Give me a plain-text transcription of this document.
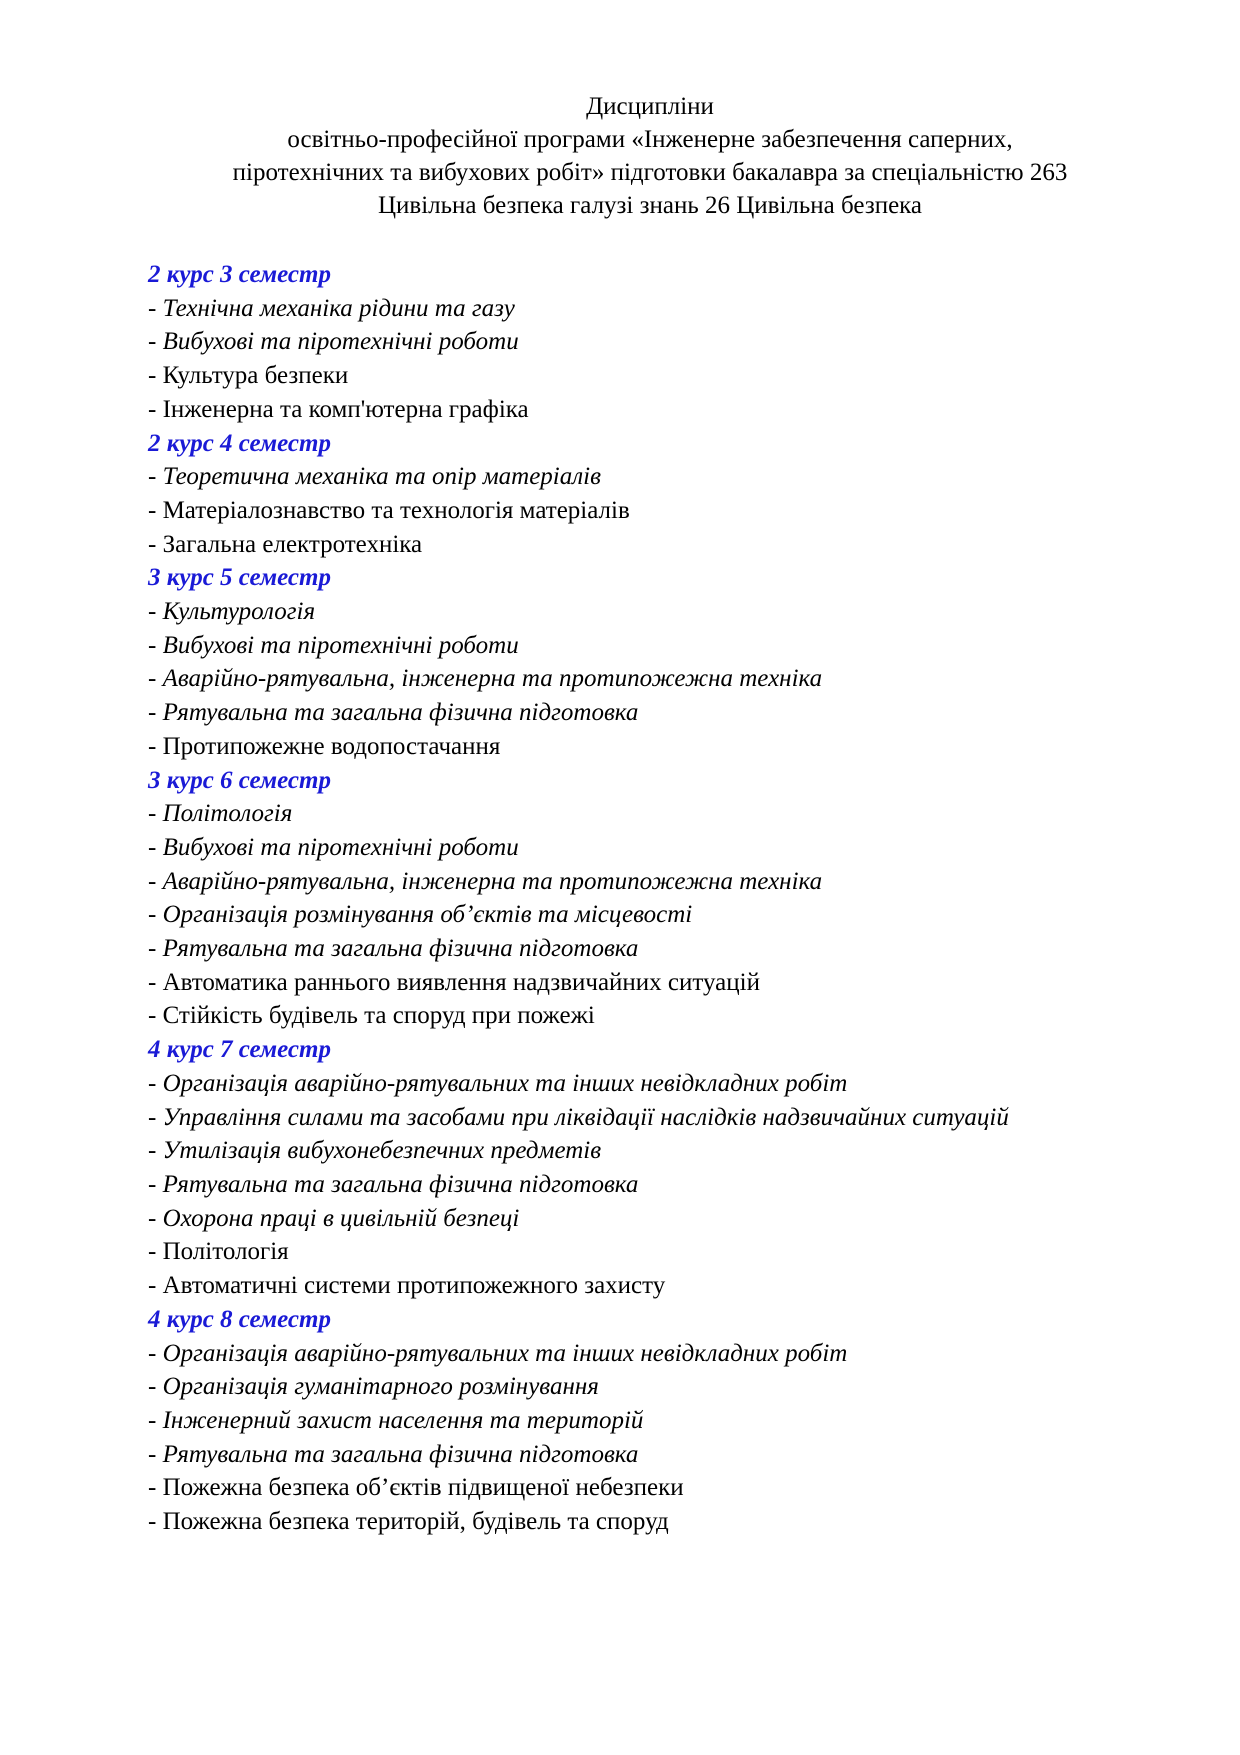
Дисципліни
освітньо-професійної програми «Інженерне забезпечення саперних,
піротехнічних та вибухових робіт» підготовки бакалавра за спеціальністю 263
Цивільна безпека галузі знань 26 Цивільна безпека
2 курс 3 семестр
- Технічна механіка рідини та газу
- Вибухові та піротехнічні роботи
- Культура безпеки
- Інженерна та комп'ютерна графіка
2 курс 4 семестр
- Теоретична механіка та опір матеріалів
- Матеріалознавство та технологія матеріалів
- Загальна електротехніка
3 курс 5 семестр
- Культурологія
- Вибухові та піротехнічні роботи
- Аварійно-рятувальна, інженерна та протипожежна техніка
- Рятувальна та загальна фізична підготовка
- Протипожежне водопостачання
3 курс 6 семестр
- Політологія
- Вибухові та піротехнічні роботи
- Аварійно-рятувальна, інженерна та протипожежна техніка
- Організація розмінування об’єктів та місцевості
- Рятувальна та загальна фізична підготовка
- Автоматика раннього виявлення надзвичайних ситуацій
- Стійкість будівель та споруд при пожежі
4 курс 7 семестр
- Організація аварійно-рятувальних та інших невідкладних робіт
- Управління силами та засобами при ліквідації наслідків надзвичайних ситуацій
- Утилізація вибухонебезпечних предметів
- Рятувальна та загальна фізична підготовка
- Охорона праці в цивільній безпеці
- Політологія
- Автоматичні системи протипожежного захисту
4 курс 8 семестр
- Організація аварійно-рятувальних та інших невідкладних робіт
- Організація гуманітарного розмінування
- Інженерний захист населення та територій
- Рятувальна та загальна фізична підготовка
- Пожежна безпека об’єктів підвищеної небезпеки
- Пожежна безпека територій, будівель та споруд
